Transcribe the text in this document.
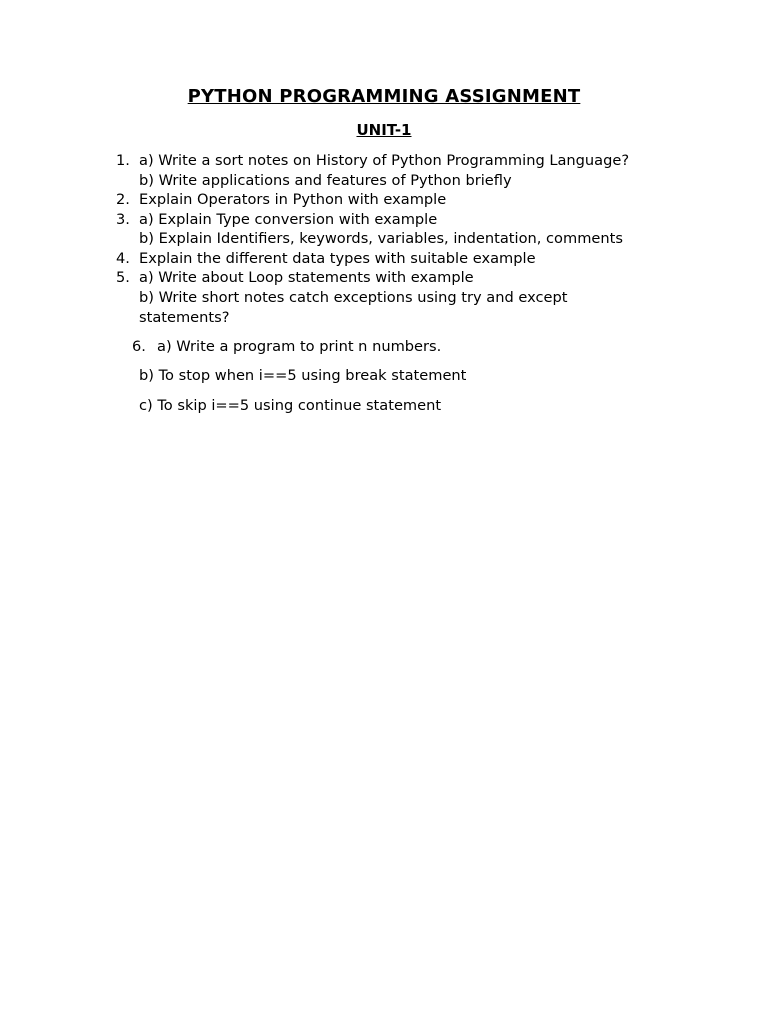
PYTHON PROGRAMMING ASSIGNMENT
UNIT-1
1. a) Write a sort notes on History of Python Programming Language?
b) Write applications and features of Python briefly
2. Explain Operators in Python with example
3. a) Explain Type conversion with example
b) Explain Identifiers, keywords, variables, indentation, comments
4. Explain the different data types with suitable example
5. a) Write about Loop statements with example
b) Write short notes catch exceptions using try and except
statements?
6. a) Write a program to print n numbers.
b) To stop when i==5 using break statement
c) To skip i==5 using continue statement
